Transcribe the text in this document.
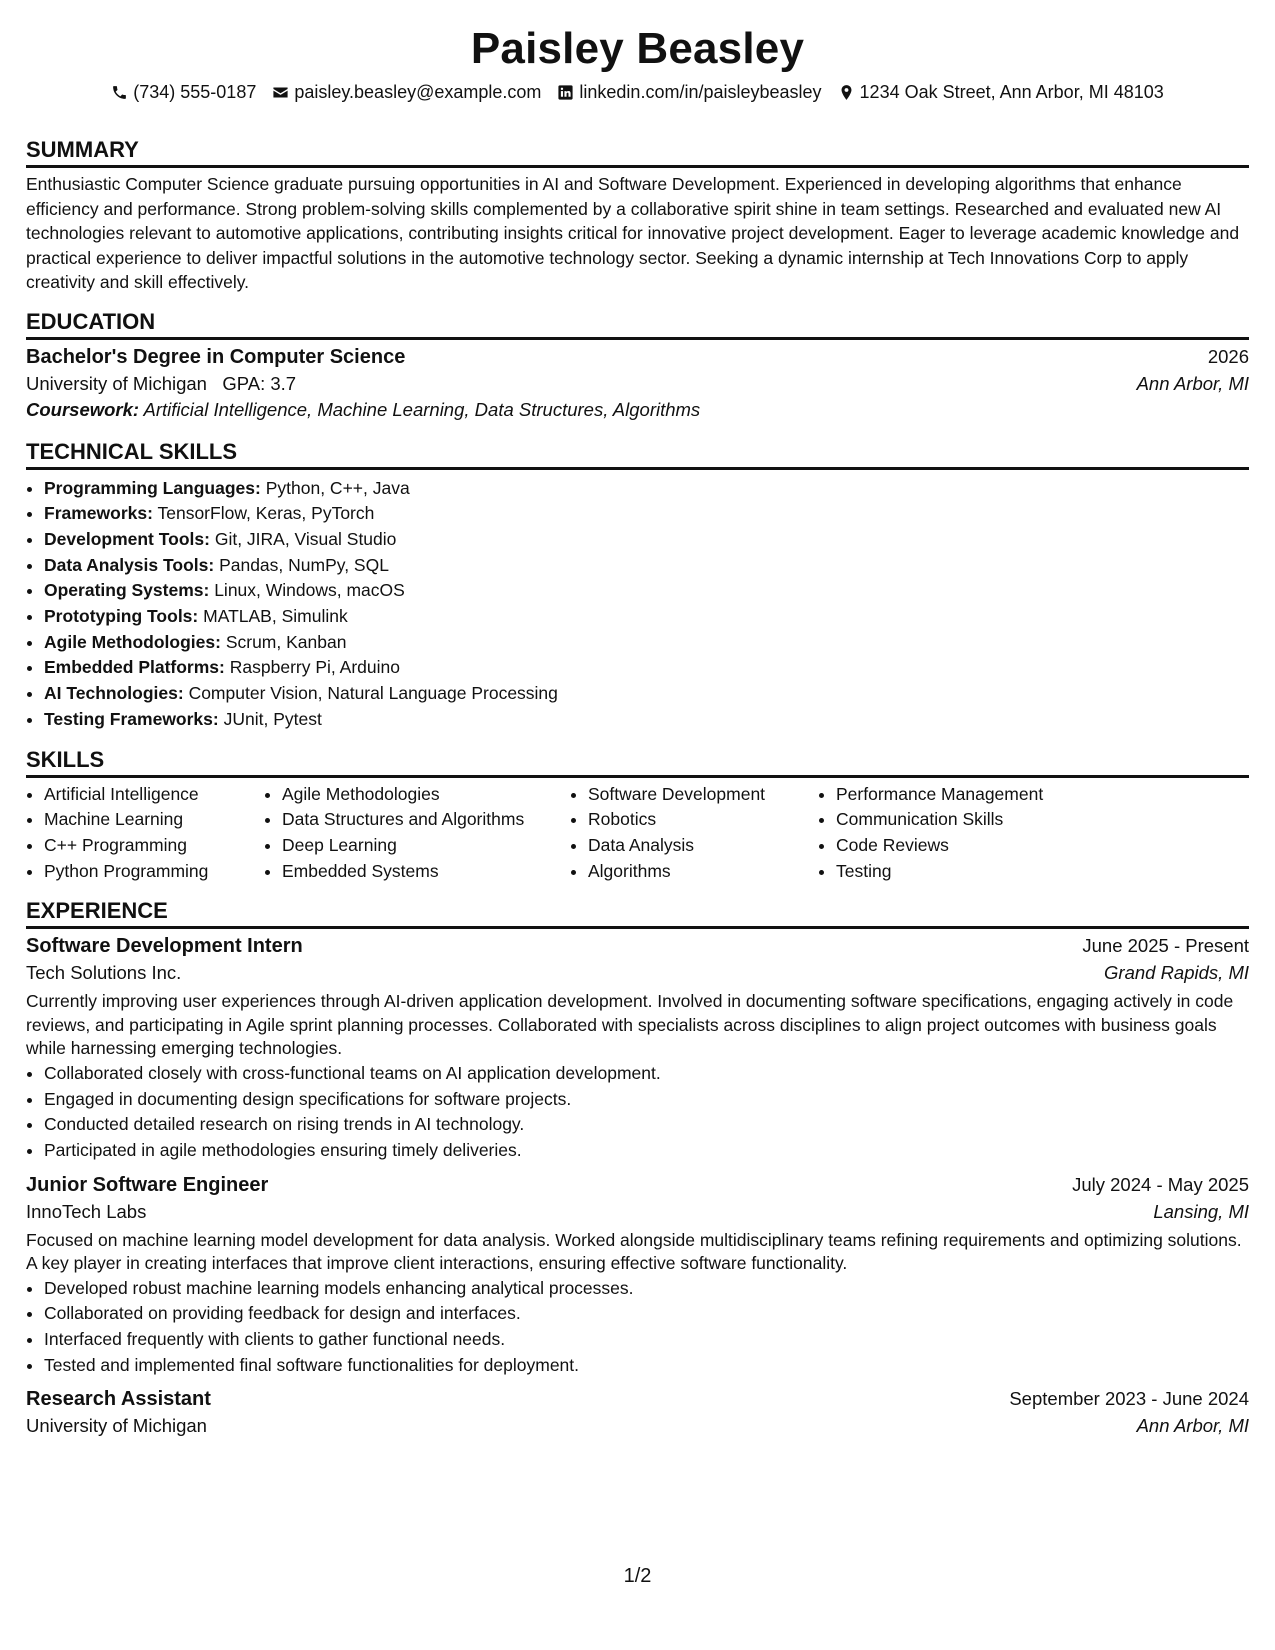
Paisley Beasley
(734) 555-0187 paisley.beasley@example.com linkedin.com/in/paisleybeasley 1234 Oak Street, Ann Arbor, MI 48103
SUMMARY

Enthusiastic Computer Science graduate pursuing opportunities in AI and Software Development. Experienced in developing algorithms that enhance efficiency and performance. Strong problem-solving skills complemented by a collaborative spirit shine in team settings. Researched and evaluated new AI technologies relevant to automotive applications, contributing insights critical for innovative project development. Eager to leverage academic knowledge and practical experience to deliver impactful solutions in the automotive technology sector. Seeking a dynamic internship at Tech Innovations Corp to apply creativity and skill effectively.

EDUCATION
Bachelor's Degree in Computer Science	2026
University of Michigan GPA: 3.7	Ann Arbor, MI
Coursework: Artificial Intelligence, Machine Learning, Data Structures, Algorithms
TECHNICAL SKILLS
• Programming Languages: Python, C++, Java
• Frameworks: TensorFlow, Keras, PyTorch
• Development Tools: Git, JIRA, Visual Studio
• Data Analysis Tools: Pandas, NumPy, SQL
• Operating Systems: Linux, Windows, macOS
• Prototyping Tools: MATLAB, Simulink
• Agile Methodologies: Scrum, Kanban
• Embedded Platforms: Raspberry Pi, Arduino
• AI Technologies: Computer Vision, Natural Language Processing
• Testing Frameworks: JUnit, Pytest
SKILLS
• Artificial Intelligence
• Machine Learning
• C++ Programming
• Python Programming
• Agile Methodologies
• Data Structures and Algorithms
• Deep Learning
• Embedded Systems
• Software Development
• Robotics
• Data Analysis
• Algorithms
• Performance Management
• Communication Skills
• Code Reviews
• Testing
EXPERIENCE
Software Development Intern	June 2025 - Present
Tech Solutions Inc.	Grand Rapids, MI

Currently improving user experiences through AI-driven application development. Involved in documenting software specifications, engaging actively in code reviews, and participating in Agile sprint planning processes. Collaborated with specialists across disciplines to align project outcomes with business goals while harnessing emerging technologies.

• Collaborated closely with cross-functional teams on AI application development.
• Engaged in documenting design specifications for software projects.
• Conducted detailed research on rising trends in AI technology.
• Participated in agile methodologies ensuring timely deliveries.
Junior Software Engineer	July 2024 - May 2025
InnoTech Labs	Lansing, MI

Focused on machine learning model development for data analysis. Worked alongside multidisciplinary teams refining requirements and optimizing solutions. A key player in creating interfaces that improve client interactions, ensuring effective software functionality.

• Developed robust machine learning models enhancing analytical processes.
• Collaborated on providing feedback for design and interfaces.
• Interfaced frequently with clients to gather functional needs.
• Tested and implemented final software functionalities for deployment.
Research Assistant	September 2023 - June 2024
University of Michigan	Ann Arbor, MI
1/2
